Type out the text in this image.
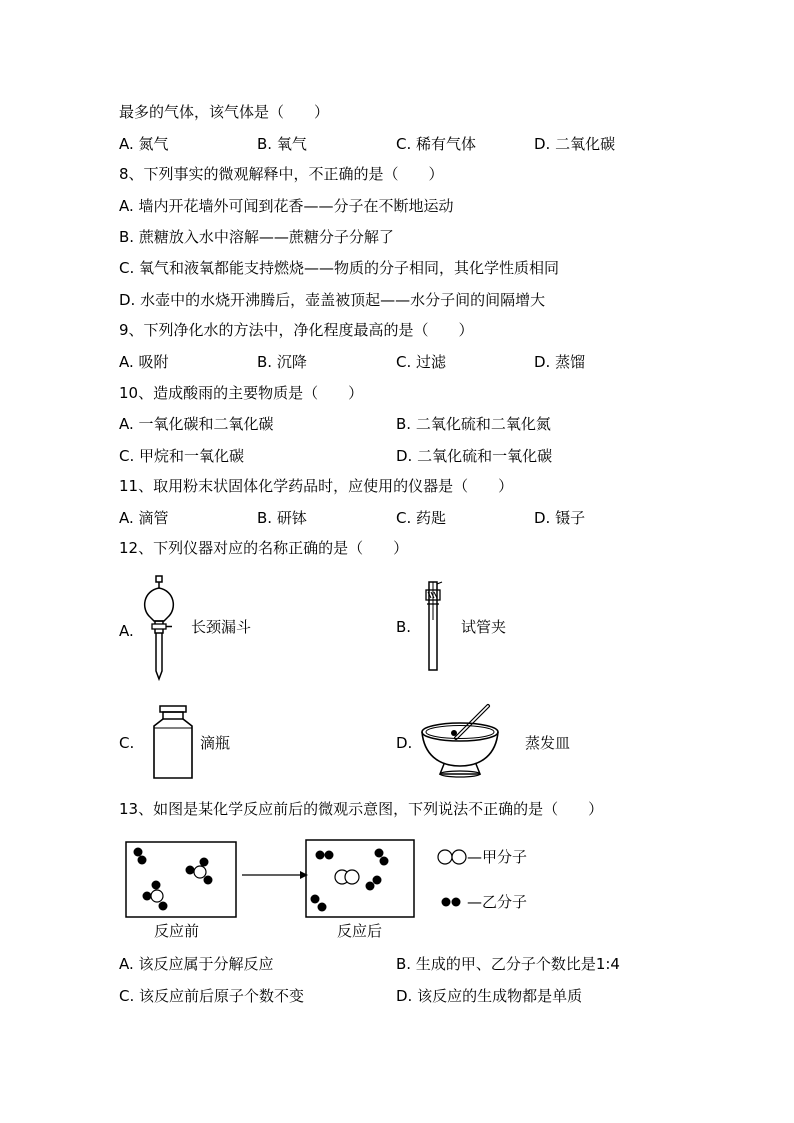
最多的气体，该气体是（　　）
A. 氮气	B. 氧气	C. 稀有气体	D. 二氧化碳
8、下列事实的微观解释中，不正确的是（　　）
A. 墙内开花墙外可闻到花香——分子在不断地运动
B. 蔗糖放入水中溶解——蔗糖分子分解了
C. 氧气和液氧都能支持燃烧——物质的分子相同，其化学性质相同
D. 水壶中的水烧开沸腾后，壶盖被顶起——水分子间的间隔增大
9、下列净化水的方法中，净化程度最高的是（　　）
A. 吸附	B. 沉降	C. 过滤	D. 蒸馏
10、造成酸雨的主要物质是（　　）
A. 一氧化碳和二氧化碳	B. 二氧化硫和二氧化氮
C. 甲烷和一氧化碳	D. 二氧化硫和一氧化碳
11、取用粉末状固体化学药品时，应使用的仪器是（　　）
A. 滴管	B. 研钵	C. 药匙	D. 镊子
12、下列仪器对应的名称正确的是（　　）
A.	长颈漏斗	B.	试管夹
C.	滴瓶	D.	蒸发皿
13、如图是某化学反应前后的微观示意图，下列说法不正确的是（　　）
—甲分子
—乙分子
反应前	反应后
A. 该反应属于分解反应	B. 生成的甲、乙分子个数比是1:4
C. 该反应前后原子个数不变	D. 该反应的生成物都是单质
